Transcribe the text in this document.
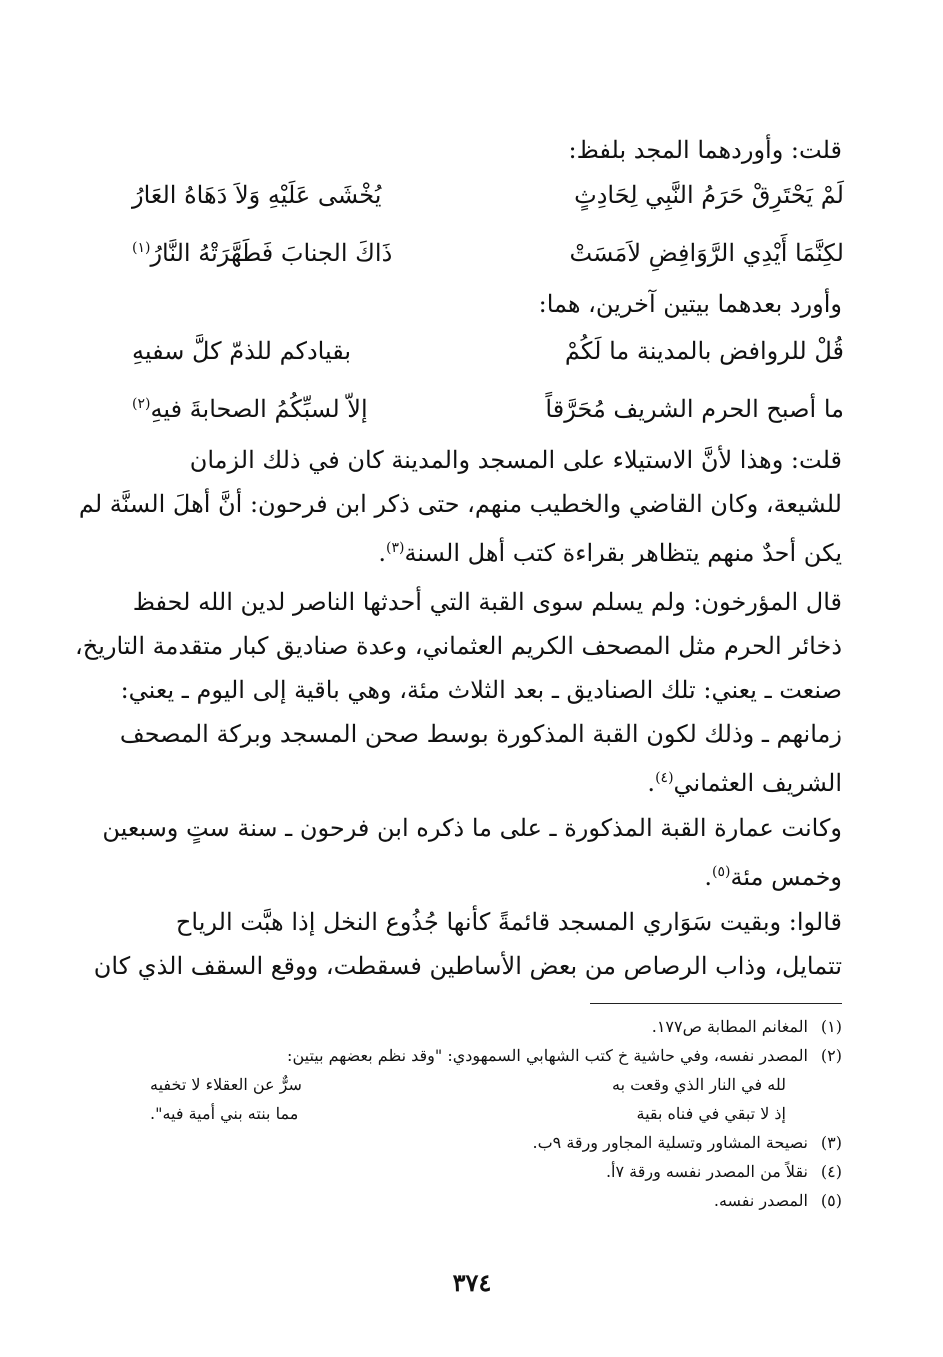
قلت: وأوردهما المجد بلفظ:
لَمْ يَحْتَرِقْ حَرَمُ النَّبِي لِحَادِثٍ
يُخْشَى عَلَيْهِ وَلاَ دَهَاهُ العَارُ
لكِنَّمَا أَيْدِي الرَّوَافِضِ لاَمَسَتْ
ذَاكَ الجنابَ فَطَهَّرَتْهُ النَّارُ$^{(١)}$
وأورد بعدهما بيتين آخرين، هما:
قُلْ للروافض بالمدينة ما لَكُمْ
بقيادكم للذمّ كلَّ سفيهِ
ما أصبح الحرم الشريف مُحَرَّقاً
إلاّ لسبِّكُمُ الصحابةَ فيهِ$^{(٢)}$
قلت: وهذا لأنَّ الاستيلاء على المسجد والمدينة كان في ذلك الزمان
للشيعة، وكان القاضي والخطيب منهم، حتى ذكر ابن فرحون: أنَّ أهلَ السنَّة لم
يكن أحدٌ منهم يتظاهر بقراءة كتب أهل السنة$^{(٣)}$.
قال المؤرخون: ولم يسلم سوى القبة التي أحدثها الناصر لدين الله لحفظ
ذخائر الحرم مثل المصحف الكريم العثماني، وعدة صناديق كبار متقدمة التاريخ،
صنعت ـ يعني: تلك الصناديق ـ بعد الثلاث مئة، وهي باقية إلى اليوم ـ يعني:
زمانهم ـ وذلك لكون القبة المذكورة بوسط صحن المسجد وبركة المصحف
الشريف العثماني$^{(٤)}$.
وكانت عمارة القبة المذكورة ـ على ما ذكره ابن فرحون ـ سنة ستٍ وسبعين
وخمس مئة$^{(٥)}$.
قالوا: وبقيت سَوَاري المسجد قائمةً كأنها جُذُوع النخل إذا هبَّت الرياح
تتمايل، وذاب الرصاص من بعض الأساطين فسقطت، ووقع السقف الذي كان
(١)
المغانم المطابة ص١٧٧.
(٢)
المصدر نفسه، وفي حاشية خ كتب الشهابي السمهودي: "وقد نظم بعضهم بيتين:
لله في النار الذي وقعت به
سرٌّ عن العقلاء لا تخفيه
إذ لا تبقي في فناه بقية
مما بنته بني أمية فيه".
(٣)
نصيحة المشاور وتسلية المجاور ورقة ٩ب.
(٤)
نقلاً من المصدر نفسه ورقة ٧أ.
(٥)
المصدر نفسه.
٣٧٤
